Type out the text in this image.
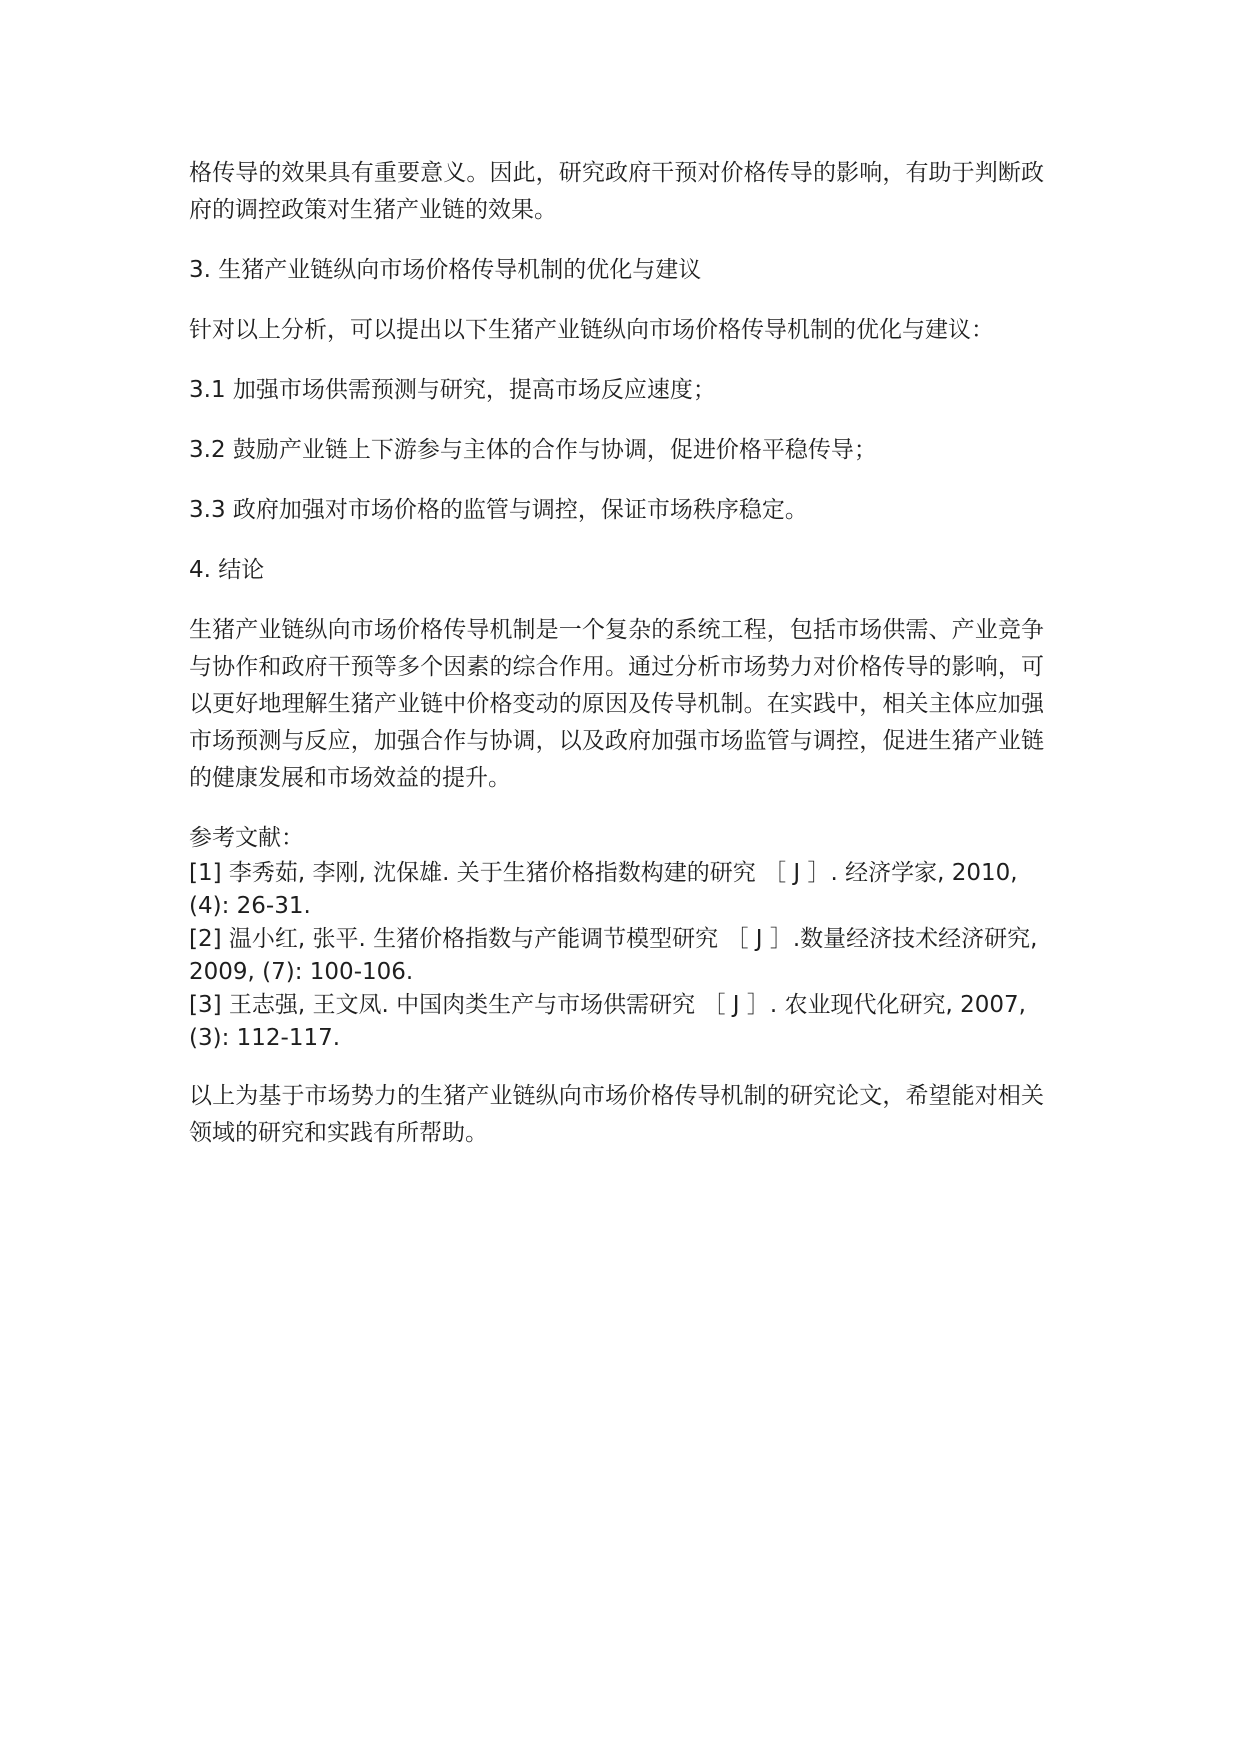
格传导的效果具有重要意义。因此，研究政府干预对价格传导的影响，有助于判断政府的调控政策对生猪产业链的效果。

3. 生猪产业链纵向市场价格传导机制的优化与建议

针对以上分析，可以提出以下生猪产业链纵向市场价格传导机制的优化与建议：

3.1 加强市场供需预测与研究，提高市场反应速度；

3.2 鼓励产业链上下游参与主体的合作与协调，促进价格平稳传导；

3.3 政府加强对市场价格的监管与调控，保证市场秩序稳定。

4. 结论

生猪产业链纵向市场价格传导机制是一个复杂的系统工程，包括市场供需、产业竞争与协作和政府干预等多个因素的综合作用。通过分析市场势力对价格传导的影响，可以更好地理解生猪产业链中价格变动的原因及传导机制。在实践中，相关主体应加强市场预测与反应，加强合作与协调，以及政府加强市场监管与调控，促进生猪产业链的健康发展和市场效益的提升。

参考文献：

[1] 李秀茹, 李刚, 沈保雄. 关于生猪价格指数构建的研究 ［ J ］. 经济学家, 2010, (4): 26-31.

[2] 温小红, 张平. 生猪价格指数与产能调节模型研究 ［ J ］.数量经济技术经济研究, 2009, (7): 100-106.

[3] 王志强, 王文凤. 中国肉类生产与市场供需研究 ［ J ］. 农业现代化研究, 2007,(3): 112-117.

以上为基于市场势力的生猪产业链纵向市场价格传导机制的研究论文，希望能对相关领域的研究和实践有所帮助。
